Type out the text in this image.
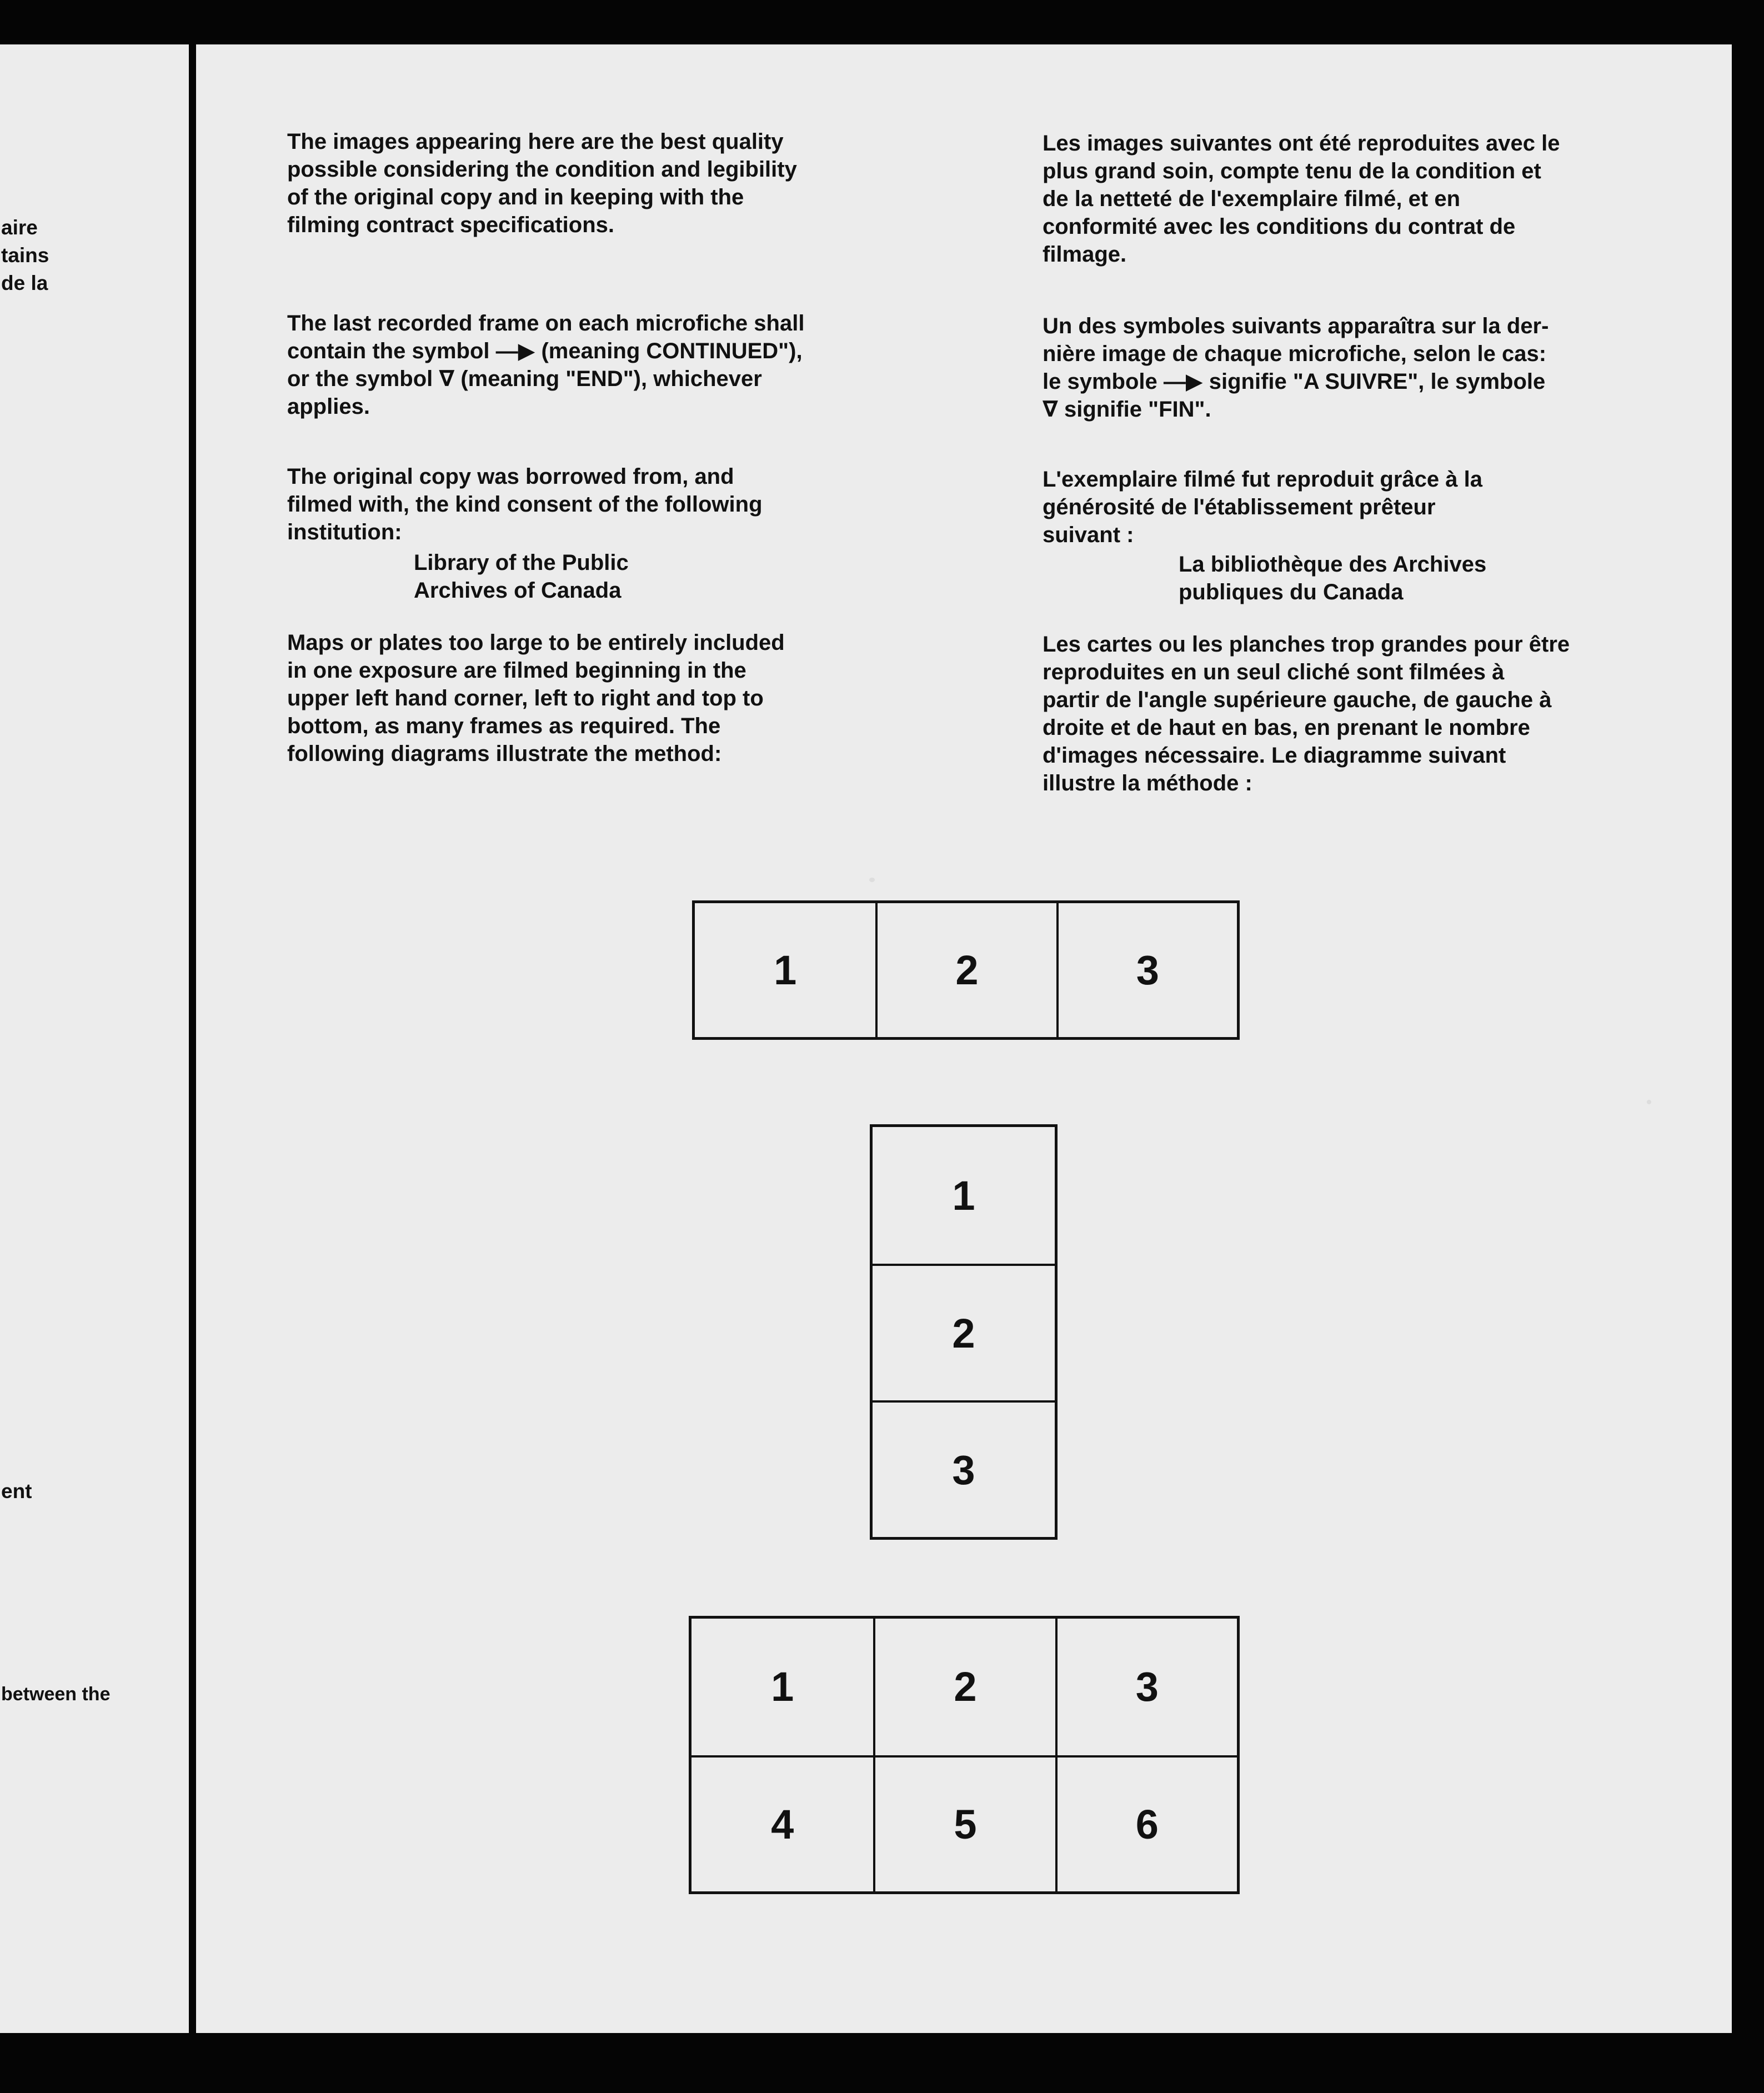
aire
tains
de la
ent
between the
The images appearing here are the best quality
possible considering the condition and legibility
of the original copy and in keeping with the
filming contract specifications.
The last recorded frame on each microfiche shall
contain the symbol —▶ (meaning CONTINUED"),
or the symbol ∇ (meaning "END"), whichever
applies.
The original copy was borrowed from, and
filmed with, the kind consent of the following
institution:
Library of the Public
Archives of Canada
Maps or plates too large to be entirely included
in one exposure are filmed beginning in the
upper left hand corner, left to right and top to
bottom, as many frames as required. The
following diagrams illustrate the method:
Les images suivantes ont été reproduites avec le
plus grand soin, compte tenu de la condition et
de la netteté de l'exemplaire filmé, et en
conformité avec les conditions du contrat de
filmage.
Un des symboles suivants apparaîtra sur la der-
nière image de chaque microfiche, selon le cas:
le symbole —▶ signifie "A SUIVRE", le symbole
∇ signifie "FIN".
L'exemplaire filmé fut reproduit grâce à la
générosité de l'établissement prêteur
suivant :
La bibliothèque des Archives
publiques du Canada
Les cartes ou les planches trop grandes pour être
reproduites en un seul cliché sont filmées à
partir de l'angle supérieure gauche, de gauche à
droite et de haut en bas, en prenant le nombre
d'images nécessaire. Le diagramme suivant
illustre la méthode :
1	2	3
1
2
3
1	2	3
4	5	6
